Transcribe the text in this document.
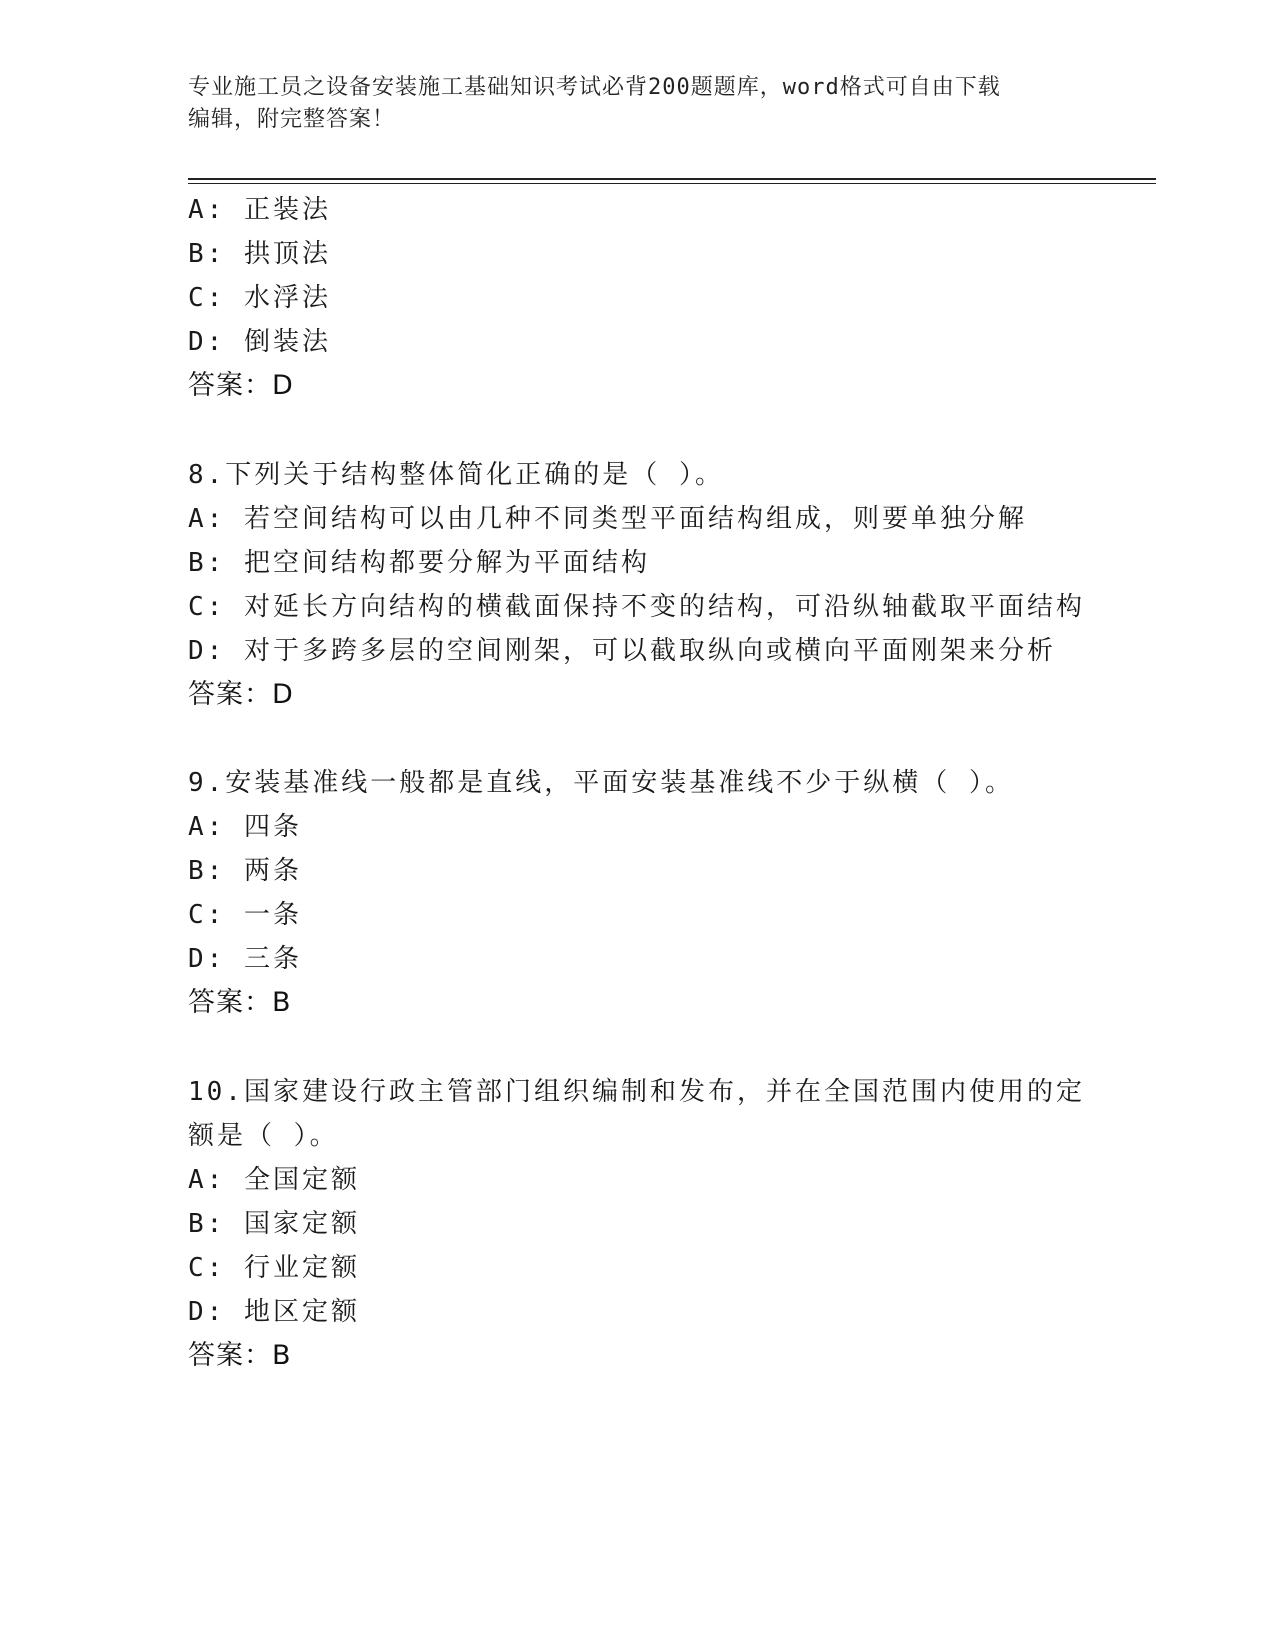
专业施工员之设备安装施工基础知识考试必背200题题库，word格式可自由下载
编辑，附完整答案！
A: 正装法
B: 拱顶法
C: 水浮法
D: 倒装法
答案：D
8.下列关于结构整体简化正确的是（ ）。
A: 若空间结构可以由几种不同类型平面结构组成，则要单独分解
B: 把空间结构都要分解为平面结构
C: 对延长方向结构的横截面保持不变的结构，可沿纵轴截取平面结构
D: 对于多跨多层的空间刚架，可以截取纵向或横向平面刚架来分析
答案：D
9.安装基准线一般都是直线，平面安装基准线不少于纵横（ ）。
A: 四条
B: 两条
C: 一条
D: 三条
答案：B
10.国家建设行政主管部门组织编制和发布，并在全国范围内使用的定
额是（ ）。
A: 全国定额
B: 国家定额
C: 行业定额
D: 地区定额
答案：B
